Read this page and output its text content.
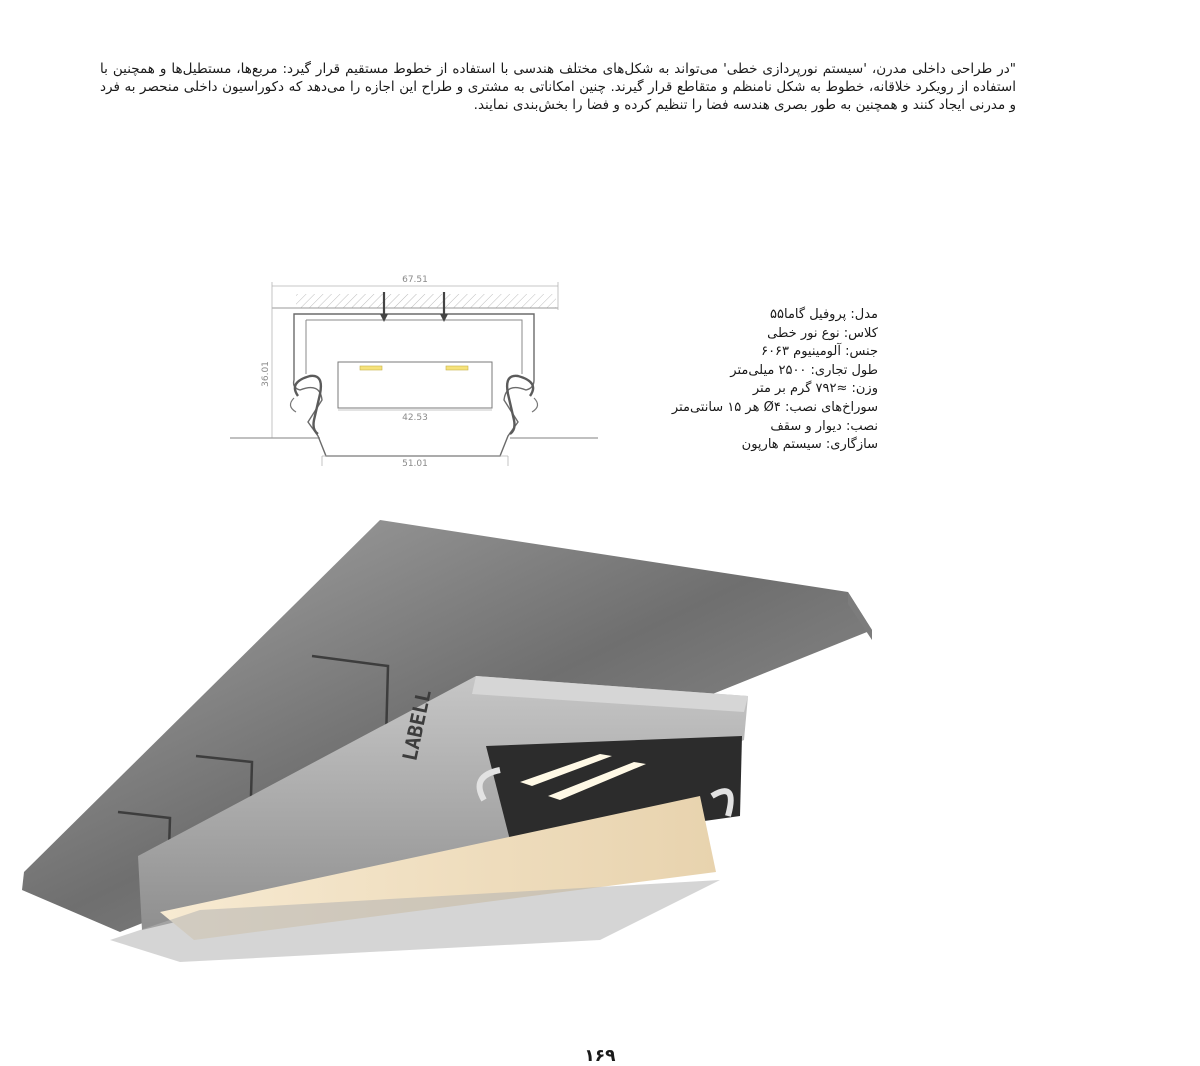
"در طراحی داخلی مدرن، 'سیستم نورپردازی خطی' می‌تواند به شکل‌های مختلف هندسی با استفاده از خطوط مستقیم قرار گیرد: مربع‌ها، مستطیل‌ها و همچنین با استفاده از رویکرد خلاقانه، خطوط به شکل نامنظم و متقاطع قرار گیرند. چنین امکاناتی به مشتری و طراح این اجازه را می‌دهد که دکوراسیون داخلی منحصر به فرد و مدرنی ایجاد کنند و همچنین به طور بصری هندسه فضا را تنظیم کرده و فضا را بخش‌بندی نمایند.

67.51
36.01
42.53
51.01
مدل: پروفیل گاما۵۵
کلاس: نوع نور خطی
جنس: آلومینیوم ۶۰۶۳
طول تجاری: ۲۵۰۰ میلی‌متر
وزن: ≈۷۹۲ گرم بر متر
سوراخ‌های نصب: Ø۴ هر ۱۵ سانتی‌متر
نصب: دیوار و سقف
سازگاری: سیستم هارپون
LABELL
۱۶۹
